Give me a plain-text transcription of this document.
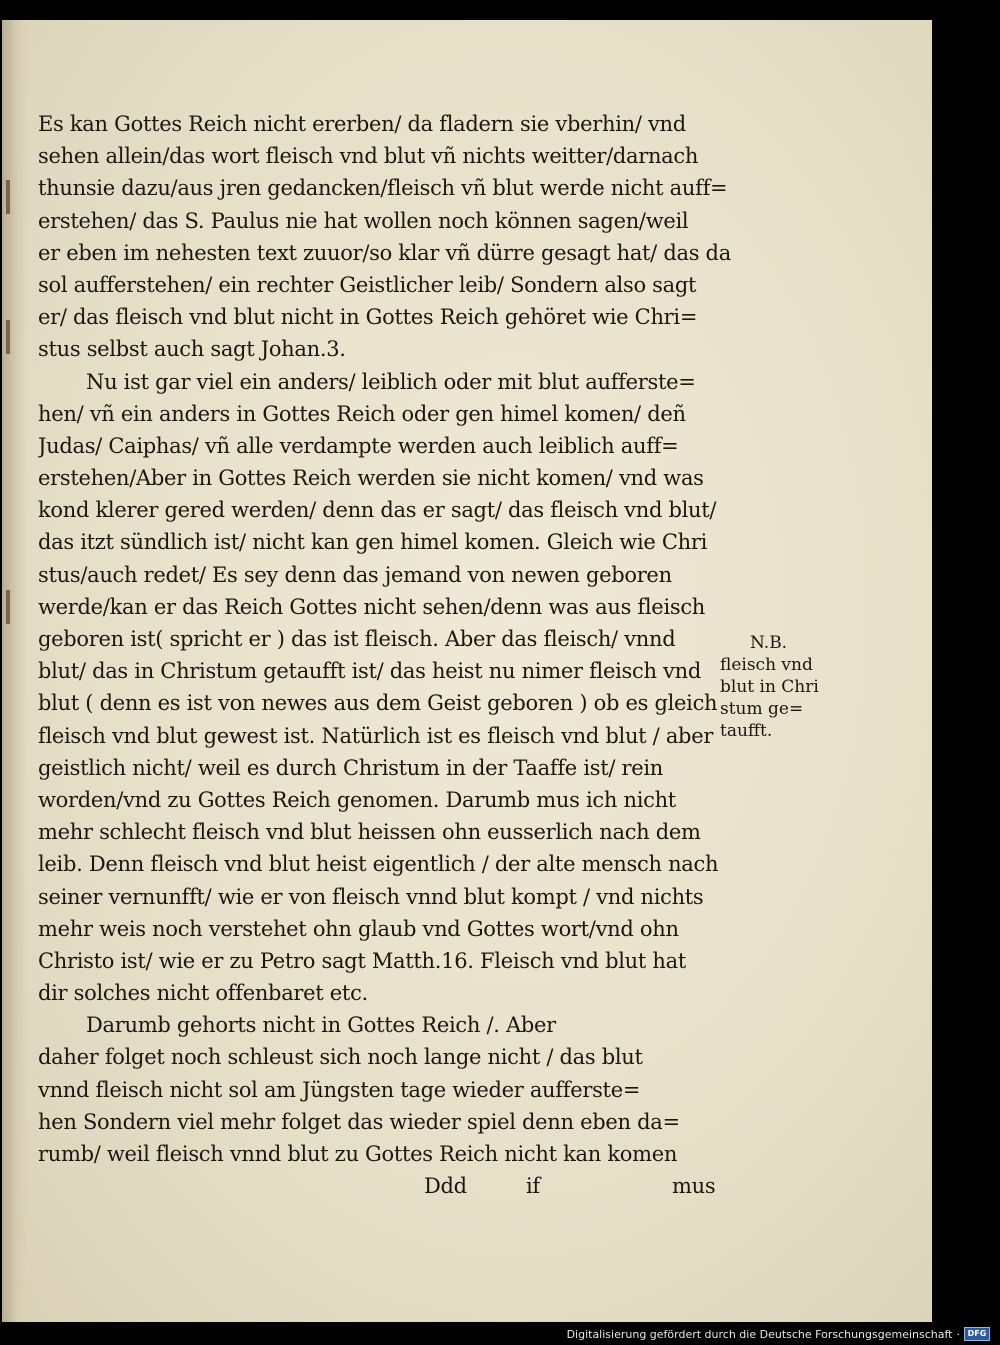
Es kan Gottes Reich nicht ererben/ da fladern sie vberhin/ vnd
sehen allein/das wort fleisch vnd blut vñ nichts weitter/darnach
thunsie dazu/aus jren gedancken/fleisch vñ blut werde nicht auff=
erstehen/ das S. Paulus nie hat wollen noch können sagen/weil
er eben im nehesten text zuuor/so klar vñ dürre gesagt hat/ das da
sol aufferstehen/ ein rechter Geistlicher leib/ Sondern also sagt
er/ das fleisch vnd blut nicht in Gottes Reich gehöret wie Chri=
stus selbst auch sagt Johan.3.
Nu ist gar viel ein anders/ leiblich oder mit blut aufferste=
hen/ vñ ein anders in Gottes Reich oder gen himel komen/ deñ
Judas/ Caiphas/ vñ alle verdampte werden auch leiblich auff=
erstehen/Aber in Gottes Reich werden sie nicht komen/ vnd was
kond klerer gered werden/ denn das er sagt/ das fleisch vnd blut/
das itzt sündlich ist/ nicht kan gen himel komen. Gleich wie Chri
stus/auch redet/ Es sey denn das jemand von newen geboren
werde/kan er das Reich Gottes nicht sehen/denn was aus fleisch
geboren ist( spricht er ) das ist fleisch. Aber das fleisch/ vnnd
blut/ das in Christum getaufft ist/ das heist nu nimer fleisch vnd
blut ( denn es ist von newes aus dem Geist geboren ) ob es gleich
fleisch vnd blut gewest ist. Natürlich ist es fleisch vnd blut / aber
geistlich nicht/ weil es durch Christum in der Taaffe ist/ rein
worden/vnd zu Gottes Reich genomen. Darumb mus ich nicht
mehr schlecht fleisch vnd blut heissen ohn eusserlich nach dem
leib. Denn fleisch vnd blut heist eigentlich / der alte mensch nach
seiner vernunfft/ wie er von fleisch vnnd blut kompt / vnd nichts
mehr weis noch verstehet ohn glaub vnd Gottes wort/vnd ohn
Christo ist/ wie er zu Petro sagt Matth.16. Fleisch vnd blut hat
dir solches nicht offenbaret etc.
Darumb gehorts nicht in Gottes Reich /. Aber
daher folget noch schleust sich noch lange nicht / das blut
vnnd fleisch nicht sol am Jüngsten tage wieder aufferste=
hen Sondern viel mehr folget das wieder spiel denn eben da=
rumb/ weil fleisch vnnd blut zu Gottes Reich nicht kan komen
Ddd	if	mus
N.B.
fleisch vnd
blut in Chri
stum ge=
taufft.
Digitalisierung gefördert durch die Deutsche Forschungsgemeinschaft · DFG
